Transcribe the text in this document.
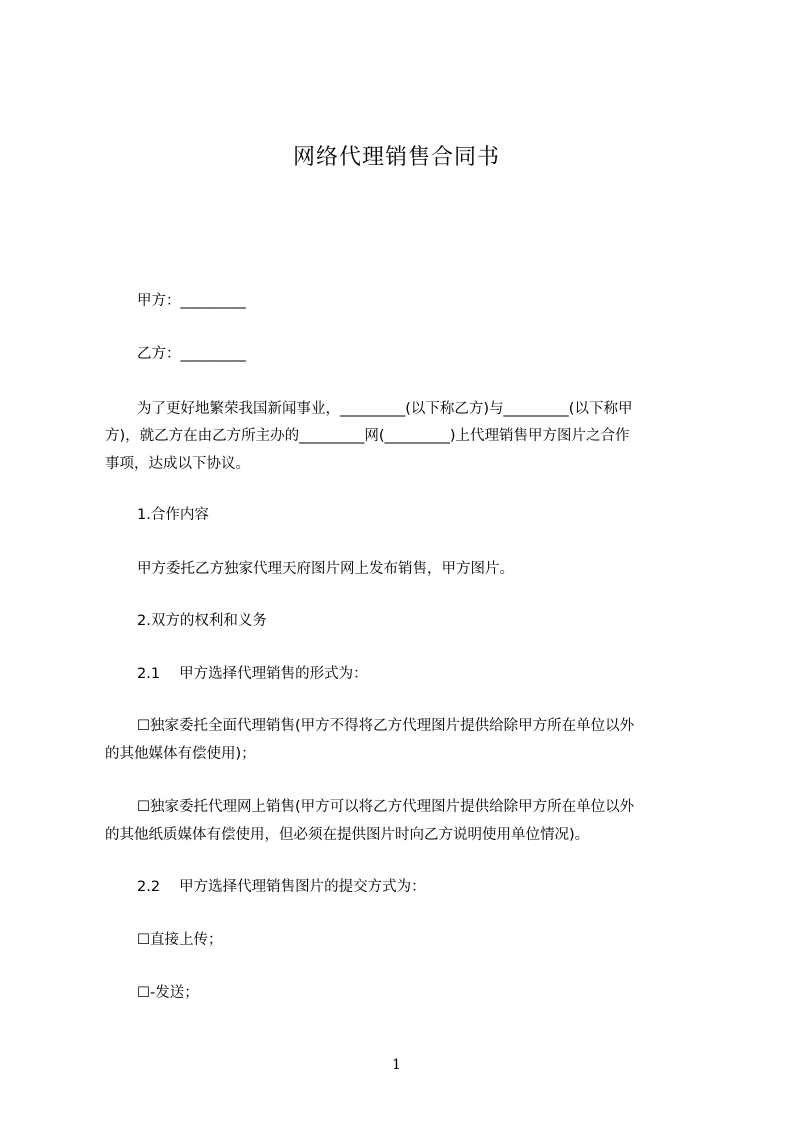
网络代理销售合同书
甲方：_________
乙方：_________
为了更好地繁荣我国新闻事业，_________(以下称乙方)与_________(以下称甲
方)，就乙方在由乙方所主办的_________网(_________)上代理销售甲方图片之合作
事项，达成以下协议。
1.合作内容
甲方委托乙方独家代理天府图片网上发布销售，甲方图片。
2.双方的权利和义务
2.1　 甲方选择代理销售的形式为：
☐独家委托全面代理销售(甲方不得将乙方代理图片提供给除甲方所在单位以外
的其他媒体有偿使用)；
☐独家委托代理网上销售(甲方可以将乙方代理图片提供给除甲方所在单位以外
的其他纸质媒体有偿使用，但必须在提供图片时向乙方说明使用单位情况)。
2.2　 甲方选择代理销售图片的提交方式为：
☐直接上传；
☐-发送；
1
